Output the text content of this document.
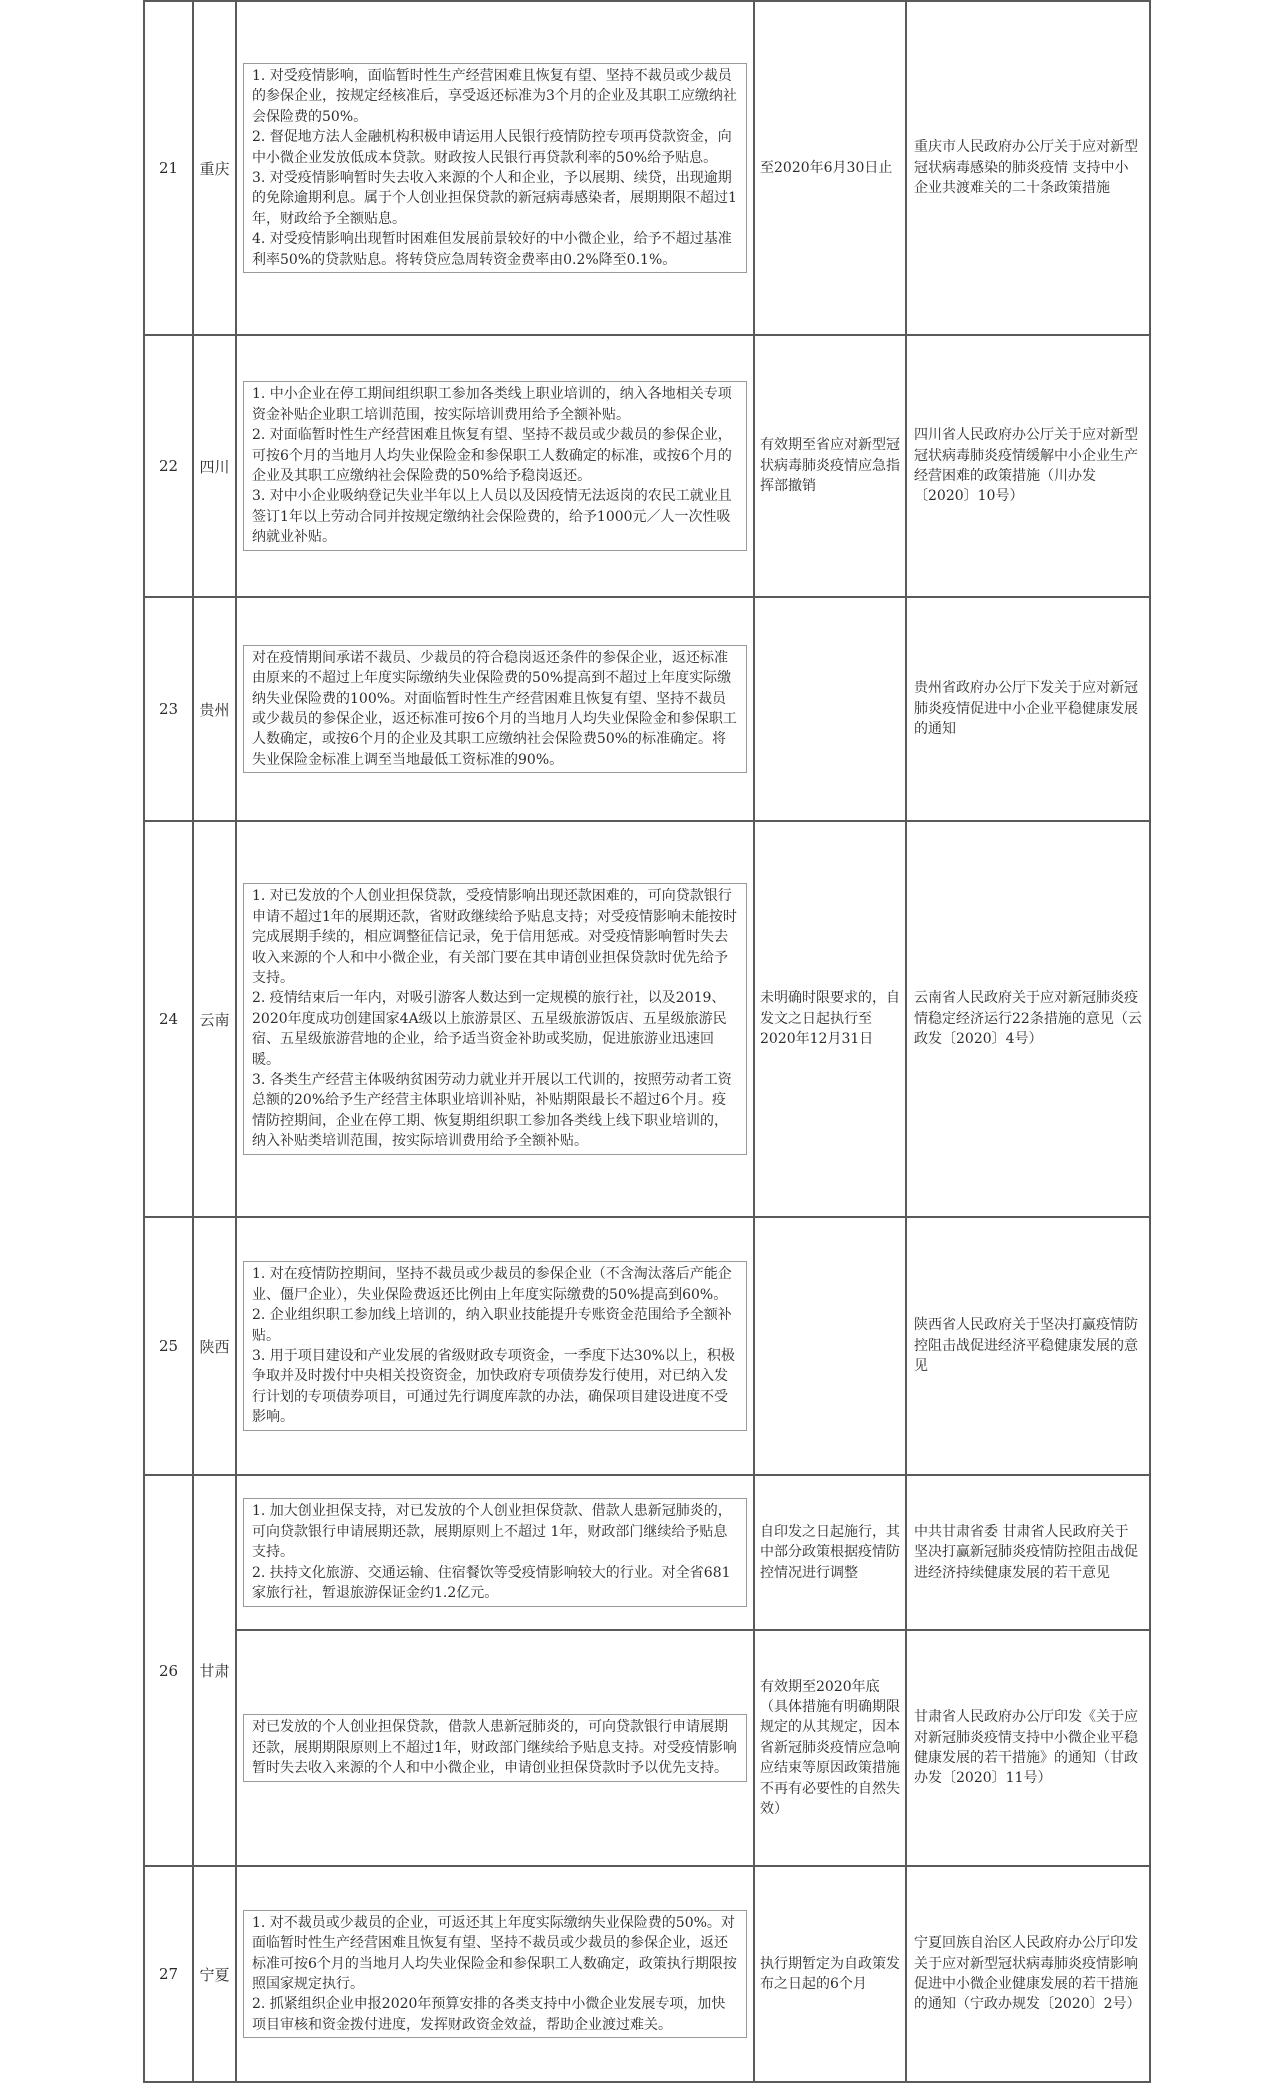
21	重庆	1. 对受疫情影响，面临暂时性生产经营困难且恢复有望、坚持不裁员或少裁员的参保企业，按规定经核准后，享受返还标准为3个月的企业及其职工应缴纳社会保险费的50%。

2. 督促地方法人金融机构积极申请运用人民银行疫情防控专项再贷款资金，向中小微企业发放低成本贷款。财政按人民银行再贷款利率的50%给予贴息。

3. 对受疫情影响暂时失去收入来源的个人和企业，予以展期、续贷，出现逾期的免除逾期利息。属于个人创业担保贷款的新冠病毒感染者，展期期限不超过1年，财政给予全额贴息。

4. 对受疫情影响出现暂时困难但发展前景较好的中小微企业，给予不超过基准利率50%的贷款贴息。将转贷应急周转资金费率由0.2%降至0.1%。	至2020年6月30日止	重庆市人民政府办公厅关于应对新型冠状病毒感染的肺炎疫情 支持中小企业共渡难关的二十条政策措施
22	四川	1. 中小企业在停工期间组织职工参加各类线上职业培训的，纳入各地相关专项资金补贴企业职工培训范围，按实际培训费用给予全额补贴。

2. 对面临暂时性生产经营困难且恢复有望、坚持不裁员或少裁员的参保企业，可按6个月的当地月人均失业保险金和参保职工人数确定的标准，或按6个月的企业及其职工应缴纳社会保险费的50%给予稳岗返还。

3. 对中小企业吸纳登记失业半年以上人员以及因疫情无法返岗的农民工就业且签订1年以上劳动合同并按规定缴纳社会保险费的，给予1000元／人一次性吸纳就业补贴。	有效期至省应对新型冠状病毒肺炎疫情应急指挥部撤销	四川省人民政府办公厅关于应对新型冠状病毒肺炎疫情缓解中小企业生产经营困难的政策措施（川办发〔2020〕10号）
23	贵州	对在疫情期间承诺不裁员、少裁员的符合稳岗返还条件的参保企业，返还标准由原来的不超过上年度实际缴纳失业保险费的50%提高到不超过上年度实际缴纳失业保险费的100%。对面临暂时性生产经营困难且恢复有望、坚持不裁员或少裁员的参保企业，返还标准可按6个月的当地月人均失业保险金和参保职工人数确定，或按6个月的企业及其职工应缴纳社会保险费50%的标准确定。将失业保险金标准上调至当地最低工资标准的90%。		贵州省政府办公厅下发关于应对新冠肺炎疫情促进中小企业平稳健康发展的通知
24	云南	1. 对已发放的个人创业担保贷款，受疫情影响出现还款困难的，可向贷款银行申请不超过1年的展期还款，省财政继续给予贴息支持；对受疫情影响未能按时完成展期手续的，相应调整征信记录，免于信用惩戒。对受疫情影响暂时失去收入来源的个人和中小微企业，有关部门要在其申请创业担保贷款时优先给予支持。

2. 疫情结束后一年内，对吸引游客人数达到一定规模的旅行社，以及2019、2020年度成功创建国家4A级以上旅游景区、五星级旅游饭店、五星级旅游民宿、五星级旅游营地的企业，给予适当资金补助或奖励，促进旅游业迅速回暖。

3. 各类生产经营主体吸纳贫困劳动力就业并开展以工代训的，按照劳动者工资总额的20%给予生产经营主体职业培训补贴，补贴期限最长不超过6个月。疫情防控期间，企业在停工期、恢复期组织职工参加各类线上线下职业培训的，纳入补贴类培训范围，按实际培训费用给予全额补贴。	未明确时限要求的，自发文之日起执行至2020年12月31日	云南省人民政府关于应对新冠肺炎疫情稳定经济运行22条措施的意见（云政发〔2020〕4号）
25	陕西	1. 对在疫情防控期间，坚持不裁员或少裁员的参保企业（不含淘汰落后产能企业、僵尸企业），失业保险费返还比例由上年度实际缴费的50%提高到60%。

2. 企业组织职工参加线上培训的，纳入职业技能提升专账资金范围给予全额补贴。

3. 用于项目建设和产业发展的省级财政专项资金，一季度下达30%以上，积极争取并及时拨付中央相关投资资金，加快政府专项债券发行使用，对已纳入发行计划的专项债券项目，可通过先行调度库款的办法，确保项目建设进度不受影响。		陕西省人民政府关于坚决打赢疫情防控阻击战促进经济平稳健康发展的意见
26	甘肃	1. 加大创业担保支持，对已发放的个人创业担保贷款、借款人患新冠肺炎的，可向贷款银行申请展期还款，展期原则上不超过 1年，财政部门继续给予贴息支持。

2. 扶持文化旅游、交通运输、住宿餐饮等受疫情影响较大的行业。对全省681家旅行社，暂退旅游保证金约1.2亿元。	自印发之日起施行，其中部分政策根据疫情防控情况进行调整	中共甘肃省委 甘肃省人民政府关于坚决打赢新冠肺炎疫情防控阻击战促进经济持续健康发展的若干意见

		对已发放的个人创业担保贷款，借款人患新冠肺炎的，可向贷款银行申请展期还款，展期期限原则上不超过1年，财政部门继续给予贴息支持。对受疫情影响暂时失去收入来源的个人和中小微企业，申请创业担保贷款时予以优先支持。	有效期至2020年底（具体措施有明确期限规定的从其规定，因本省新冠肺炎疫情应急响应结束等原因政策措施不再有必要性的自然失效）	甘肃省人民政府办公厅印发《关于应对新冠肺炎疫情支持中小微企业平稳健康发展的若干措施》的通知（甘政办发〔2020〕11号）
27	宁夏	1. 对不裁员或少裁员的企业，可返还其上年度实际缴纳失业保险费的50%。对面临暂时性生产经营困难且恢复有望、坚持不裁员或少裁员的参保企业，返还标准可按6个月的当地月人均失业保险金和参保职工人数确定，政策执行期限按照国家规定执行。

2. 抓紧组织企业申报2020年预算安排的各类支持中小微企业发展专项，加快项目审核和资金拨付进度，发挥财政资金效益，帮助企业渡过难关。	执行期暂定为自政策发布之日起的6个月	宁夏回族自治区人民政府办公厅印发关于应对新型冠状病毒肺炎疫情影响促进中小微企业健康发展的若干措施的通知（宁政办规发〔2020〕2号）
